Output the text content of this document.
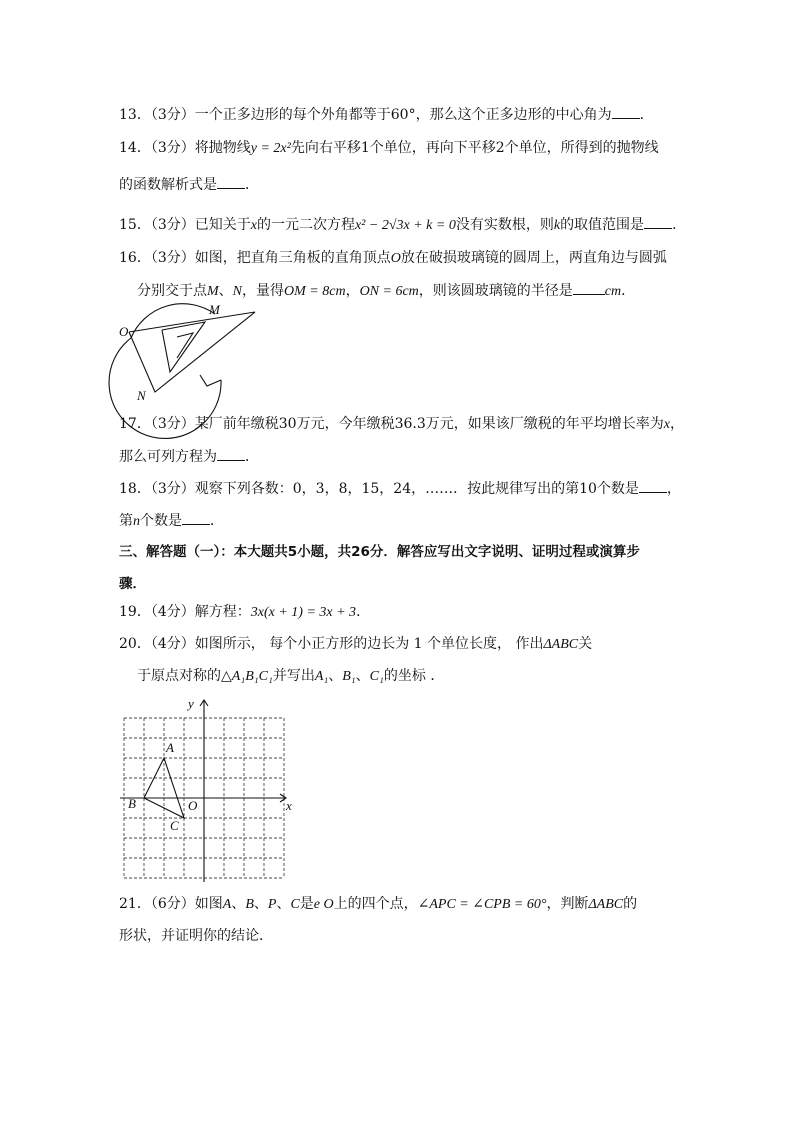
13．（3分）一个正多边形的每个外角都等于60°，那么这个正多边形的中心角为 ．
14．（3分）将抛物线y = 2x²先向右平移1个单位，再向下平移2个单位，所得到的抛物线
的函数解析式是 ．
15．（3分）已知关于x的一元二次方程x² − 2√3x + k = 0没有实数根，则k的取值范围是 ．
16．（3分）如图，把直角三角板的直角顶点O放在破损玻璃镜的圆周上，两直角边与圆弧
分别交于点M、N，量得OM = 8cm，ON = 6cm，则该圆玻璃镜的半径是 cm．
O
M
N
17．（3分）某厂前年缴税30万元，今年缴税36.3万元，如果该厂缴税的年平均增长率为x，
那么可列方程为 ．
18．（3分）观察下列各数：0，3，8，15，24，……．按此规律写出的第10个数是 ，
第n个数是 ．
三、解答题（一）：本大题共5小题，共26分．解答应写出文字说明、证明过程或演算步
骤．
19．（4分）解方程：3x(x + 1) = 3x + 3．
20．（4分）如图所示， 每个小正方形的边长为 1 个单位长度， 作出ΔABC关
于原点对称的△A₁B₁C₁并写出A₁、B₁、C₁的坐标 ．
A
B
C
O	x
y
21．（6分）如图A、B、P、C是e O上的四个点，∠APC = ∠CPB = 60°，判断ΔABC的
形状，并证明你的结论．
